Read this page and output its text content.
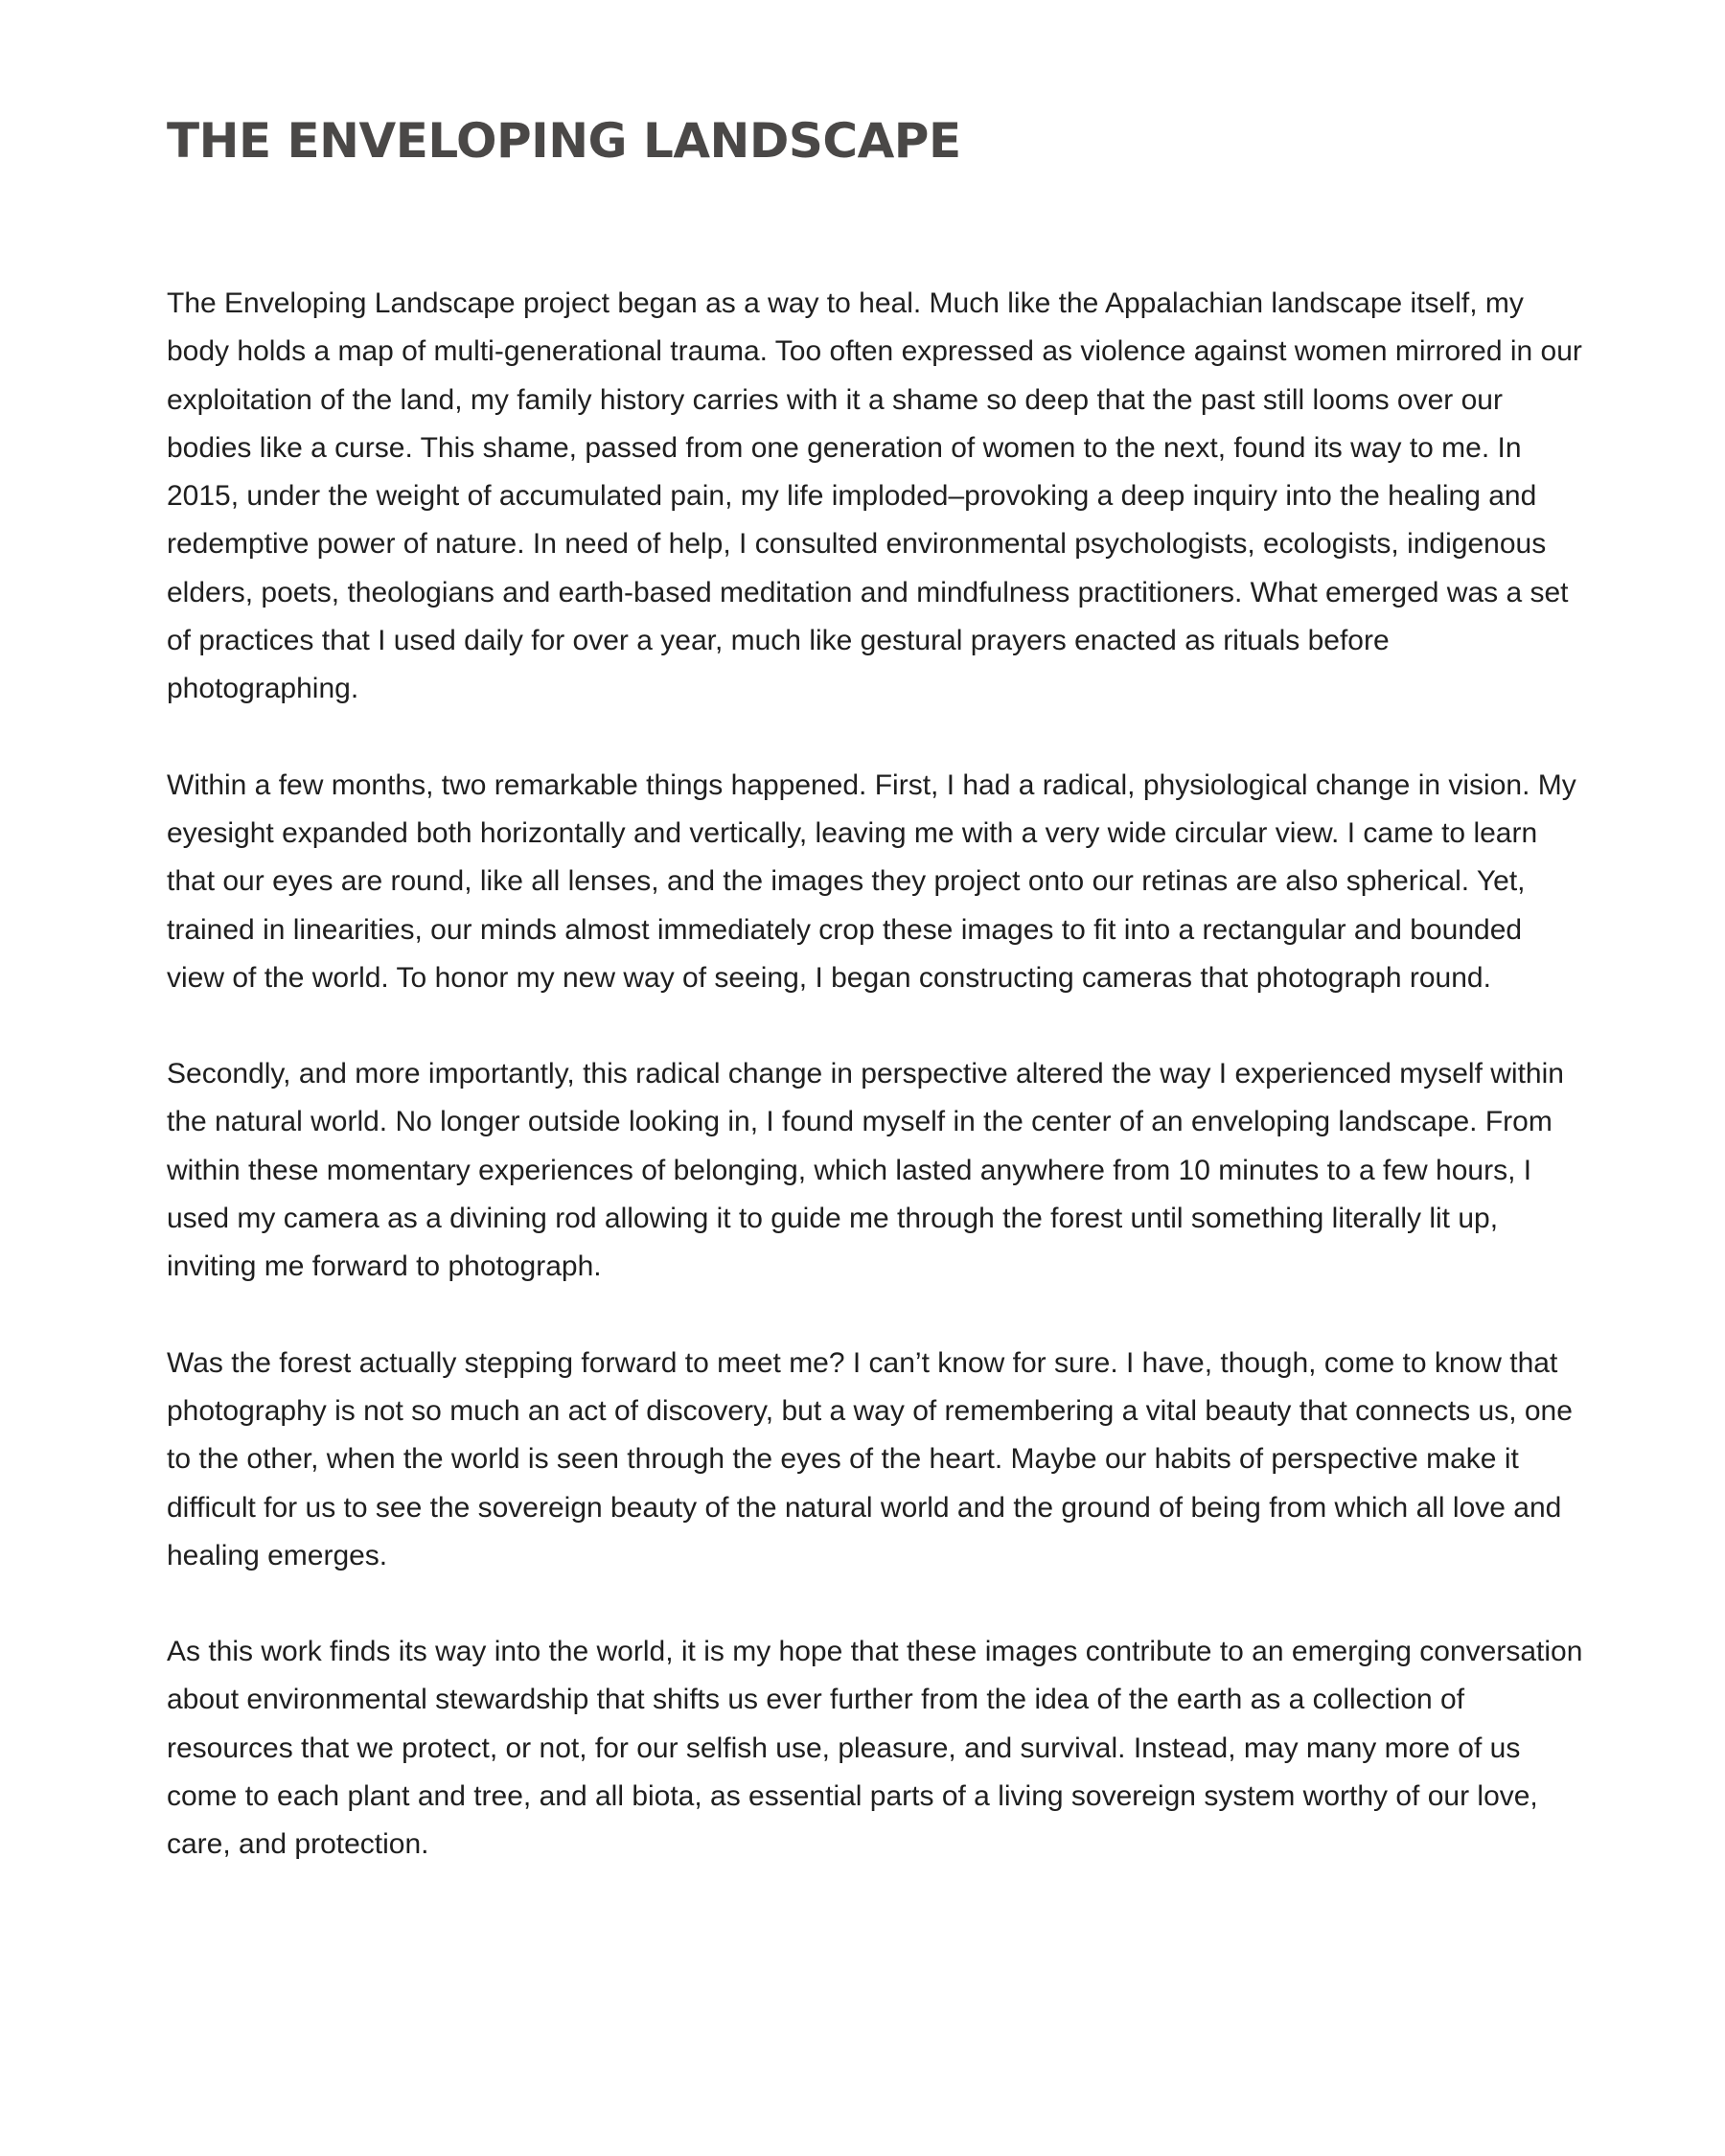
THE ENVELOPING LANDSCAPE

The Enveloping Landscape project began as a way to heal. Much like the Appalachian landscape itself, my body holds a map of multi-generational trauma. Too often expressed as violence against women mirrored in our exploitation of the land, my family history carries with it a shame so deep that the past still looms over our bodies like a curse. This shame, passed from one generation of women to the next, found its way to me. In 2015, under the weight of accumulated pain, my life imploded–provoking a deep inquiry into the healing and redemptive power of nature. In need of help, I consulted environmental psychologists, ecologists, indigenous elders, poets, theologians and earth-based meditation and mindfulness practitioners. What emerged was a set of practices that I used daily for over a year, much like gestural prayers enacted as rituals before photographing.

Within a few months, two remarkable things happened. First, I had a radical, physiological change in vision. My eyesight expanded both horizontally and vertically, leaving me with a very wide circular view. I came to learn that our eyes are round, like all lenses, and the images they project onto our retinas are also spherical. Yet, trained in linearities, our minds almost immediately crop these images to fit into a rectangular and bounded view of the world. To honor my new way of seeing, I began constructing cameras that photograph round.

Secondly, and more importantly, this radical change in perspective altered the way I experienced myself within the natural world. No longer outside looking in, I found myself in the center of an enveloping landscape. From within these momentary experiences of belonging, which lasted anywhere from 10 minutes to a few hours, I used my camera as a divining rod allowing it to guide me through the forest until something literally lit up, inviting me forward to photograph.

Was the forest actually stepping forward to meet me? I can’t know for sure. I have, though, come to know that photography is not so much an act of discovery, but a way of remembering a vital beauty that connects us, one to the other, when the world is seen through the eyes of the heart. Maybe our habits of perspective make it difficult for us to see the sovereign beauty of the natural world and the ground of being from which all love and healing emerges.

As this work finds its way into the world, it is my hope that these images contribute to an emerging conversation about environmental stewardship that shifts us ever further from the idea of the earth as a collection of resources that we protect, or not, for our selfish use, pleasure, and survival. Instead, may many more of us come to each plant and tree, and all biota, as essential parts of a living sovereign system worthy of our love, care, and protection.
